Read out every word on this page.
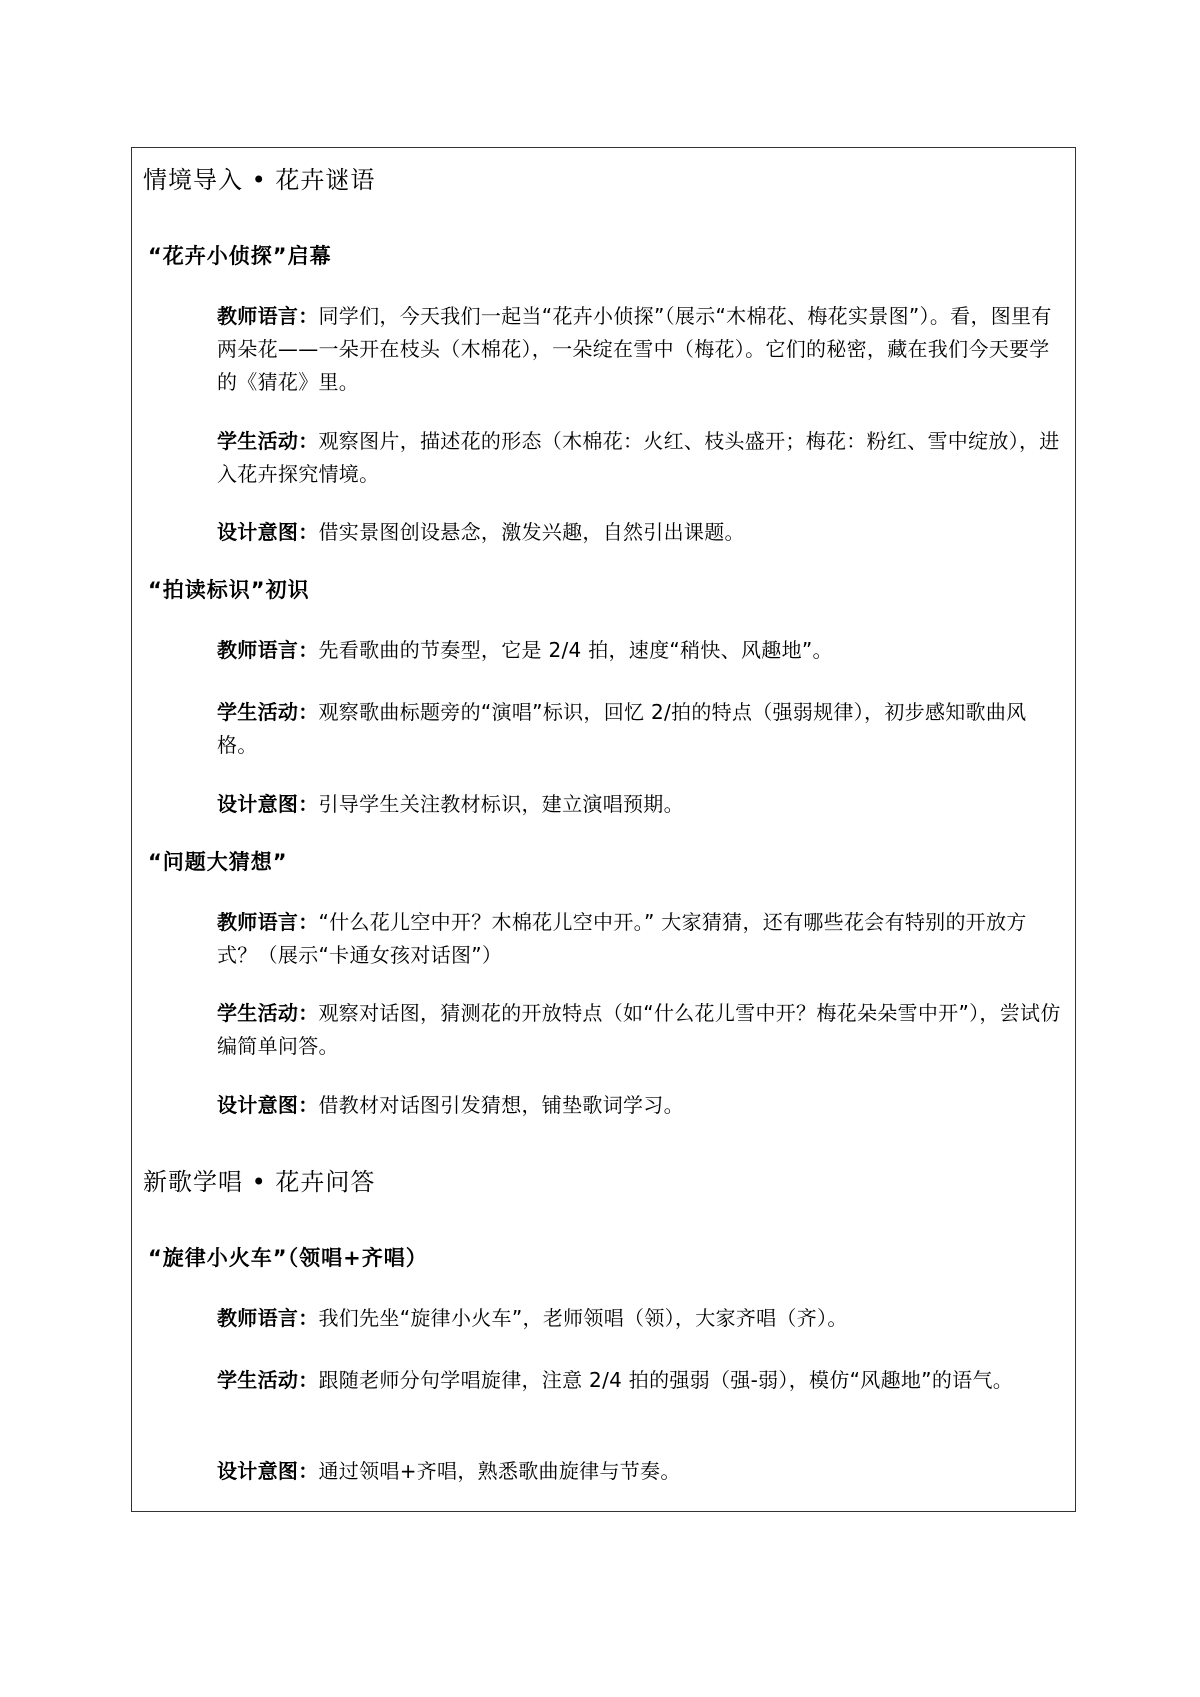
情境导入 • 花卉谜语
“花卉小侦探”启幕
教师语言：同学们，今天我们一起当“花卉小侦探”（展示“木棉花、梅花实景图”）。看，图里有两朵花——一朵开在枝头（木棉花），一朵绽在雪中（梅花）。它们的秘密，藏在我们今天要学的《猜花》里。
学生活动：观察图片，描述花的形态（木棉花：火红、枝头盛开；梅花：粉红、雪中绽放），进入花卉探究情境。
设计意图：借实景图创设悬念，激发兴趣，自然引出课题。
“拍读标识”初识
教师语言：先看歌曲的节奏型，它是 2/4 拍，速度“稍快、风趣地”。
学生活动：观察歌曲标题旁的“演唱”标识，回忆 2/拍的特点（强弱规律），初步感知歌曲风格。
设计意图：引导学生关注教材标识，建立演唱预期。
“问题大猜想”
教师语言：“什么花儿空中开？木棉花儿空中开。” 大家猜猜，还有哪些花会有特别的开放方式？（展示“卡通女孩对话图”）
学生活动：观察对话图，猜测花的开放特点（如“什么花儿雪中开？梅花朵朵雪中开”），尝试仿编简单问答。
设计意图：借教材对话图引发猜想，铺垫歌词学习。
新歌学唱 • 花卉问答
“旋律小火车”（领唱+齐唱）
教师语言：我们先坐“旋律小火车”，老师领唱（领），大家齐唱（齐）。
学生活动：跟随老师分句学唱旋律，注意 2/4 拍的强弱（强-弱），模仿“风趣地”的语气。
设计意图：通过领唱+齐唱，熟悉歌曲旋律与节奏。
